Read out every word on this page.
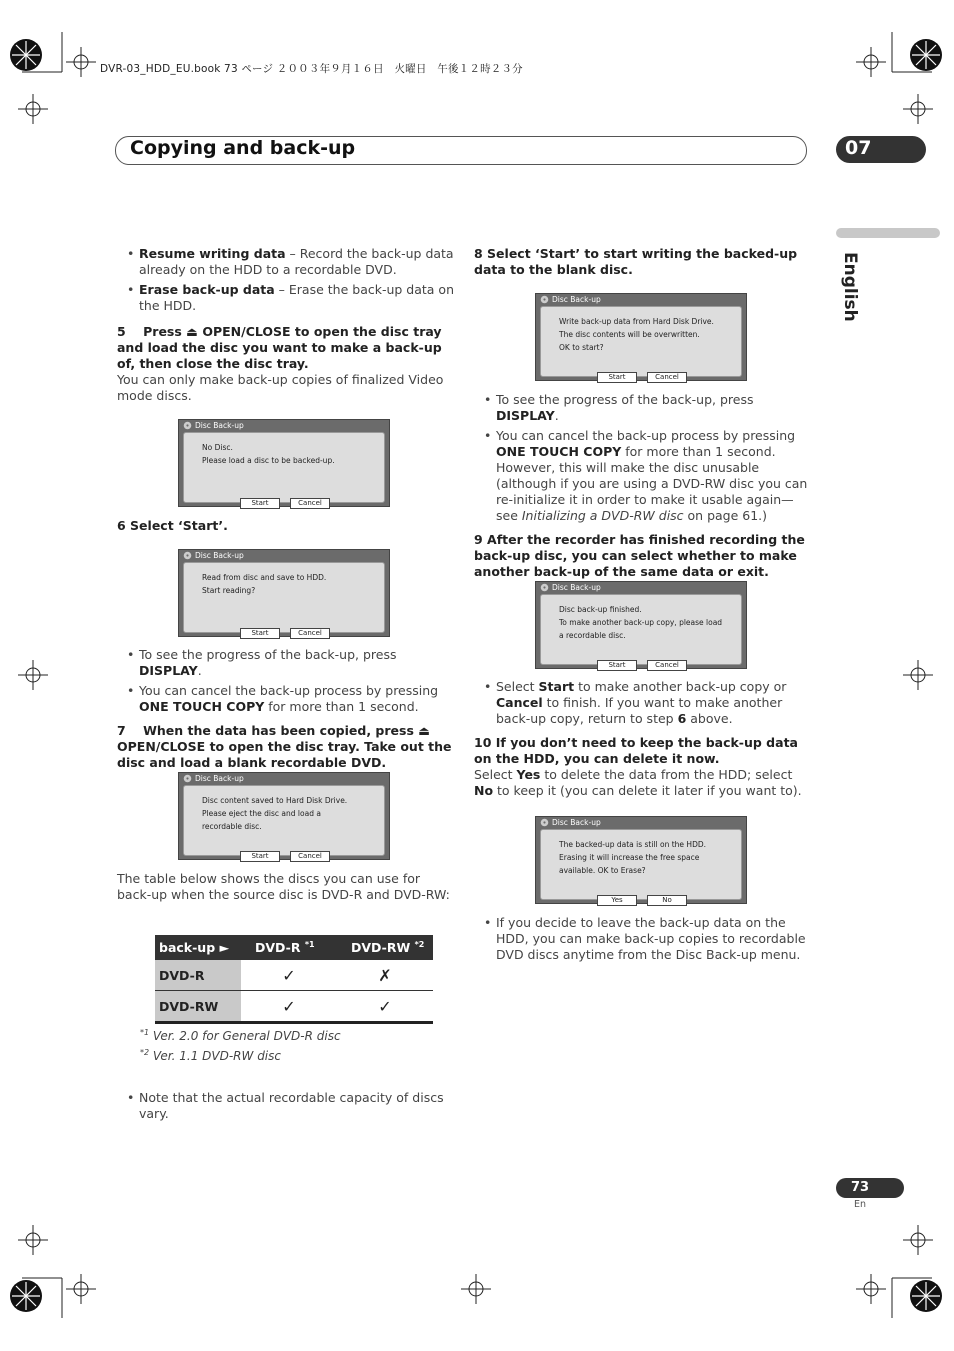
DVR-03_HDD_EU.book 73 ページ ２００３年９月１６日　火曜日　午後１２時２３分
Copying and back-up	07
English

• Resume writing data – Record the back-up data already on the HDD to a recordable DVD.

• Erase back-up data – Erase the back-up data on the HDD.

5 Press ⏏ OPEN/CLOSE to open the disc tray and load the disc you want to make a back-up of, then close the disc tray.

You can only make back-up copies of finalized Video mode discs.

Disc Back-up
No Disc.
Please load a disc to be backed-up.
Start	Cancel
6 Select ‘Start’.
Disc Back-up
Read from disc and save to HDD.
Start reading?
Start	Cancel

• To see the progress of the back-up, press DISPLAY.

• You can cancel the back-up process by pressing ONE TOUCH COPY for more than 1 second.

7 When the data has been copied, press ⏏ OPEN/CLOSE to open the disc tray. Take out the disc and load a blank recordable DVD.

Disc Back-up
Disc content saved to Hard Disk Drive.
Please eject the disc and load a
recordable disc.
Start	Cancel
The table below shows the discs you can use for back-up when the source disc is DVD-R and DVD-RW:
back-up ►	DVD-R $^{*1}$	DVD-RW $^{*2}$
DVD-R	✓	✗
DVD-RW	✓	✓
$^{*1}$ Ver. 2.0 for General DVD-R disc
$^{*2}$ Ver. 1.1 DVD-RW disc

• Note that the actual recordable capacity of discs vary.

8 Select ‘Start’ to start writing the backed-up data to the blank disc.
Disc Back-up
Write back-up data from Hard Disk Drive.
The disc contents will be overwritten.
OK to start?
Start	Cancel

• To see the progress of the back-up, press DISPLAY.

• You can cancel the back-up process by pressing ONE TOUCH COPY for more than 1 second. However, this will make the disc unusable (although if you are using a DVD-RW disc you can re-initialize it in order to make it usable again—see Initializing a DVD-RW disc on page 61.)

9 After the recorder has finished recording the back-up disc, you can select whether to make another back-up of the same data or exit.

Disc Back-up
Disc back-up finished.
To make another back-up copy, please load
a recordable disc.
Start	Cancel

• Select Start to make another back-up copy or Cancel to finish. If you want to make another back-up copy, return to step 6 above.

10 If you don’t need to keep the back-up data on the HDD, you can delete it now.

Select Yes to delete the data from the HDD; select No to keep it (you can delete it later if you want to).

Disc Back-up
The backed-up data is still on the HDD.
Erasing it will increase the free space
available. OK to Erase?
Yes	No

• If you decide to leave the back-up data on the HDD, you can make back-up copies to recordable DVD discs anytime from the Disc Back-up menu.

73
En
